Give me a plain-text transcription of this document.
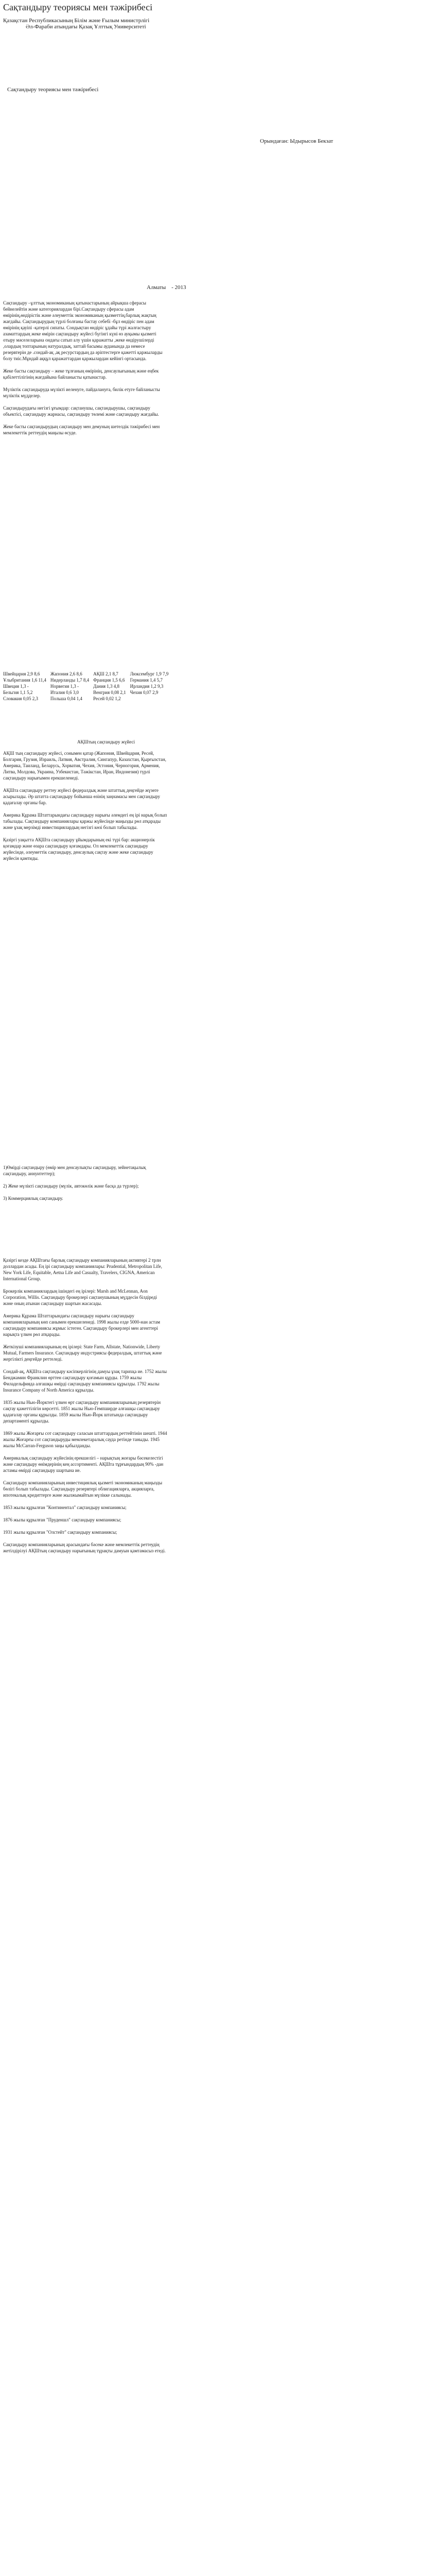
Сақтандыру теориясы мен тәжірибесі
Қазақстан Республикасының Білім және Ғылым министрлігі
Әл-Фараби атындағы Қазақ Ұлттық Университеті
Сақтандыру теориясы мен тәжірибесі
Орындаған: Ыдырысов Бекзат
Алматы    - 2013

Сақтандыру –ұлттық экономиканың қатынастарының айрықша сферасы бейнелейтін және категориялардан бірі.Сақтандыру сферасы адам өмірінің,өндірістік және әлеуметтік экономиканың қызметтің,барлық жақтың жағдайы. Сақтандырудың түрлі болғаны бастау себебі -бұл өндіріс пен адам өмірінің қауіпі -қатерлі сипаты. Сондықтан өндіріс ұдайы түрі жалғастыру азаматтардың жеке өмірін сақтандыру жүйесі бүгінгі күні өз ауқымы қызметі отыру мәселеларына ондағы сатып алу үшін қаражатты ,жеке өндірушілерді ,олардың топтарының натуралдық, заттай басымы ауданында да немесе резервтерін де .сондай-ақ ,ақ ресурстардың да әріптестерге қажетті қаржыларды болу тиіс.Мұндай аққұл қаражаттардан қаржылардан кейінгі ортасында.

Жеке басты сақтандыру – жеке тұлғаның өмірінің, денсаулығының және еңбек қабілеттілігінің жағдайына байланысты қатынастар.

Мүліктік сақтандыруда мүлікті иеленуге, пайдалануға, билік етуге байланысты мүліктік мүдделер.

Сақтандырудағы негізгі ұғымдар: сақтанушы, сақтандырушы, сақтандыру объектісі, сақтандыру жарнасы, сақтандыру төлемі және сақтандыру жағдайы.

Жеке басты сақтандырудың сақтандыру мен демуның шетелдік тәжірибесі мен мемлекеттік реттеудің маңызы өсуде.

Швейцария 2,9 8,6	Жапония 2,6 8,6	АҚШ 2,1 8,7	Люксембург 1,9 7,9
Ұлыбритания 1,6 11,4	Нидерланды 1,7 8,4	Франция 1,5 6,6	Германия 1,4 5,7
Швеция 1,3 -	Норвегия 1,3 -	Дания 1,3 4,8	Ирландия 1,2 9,3
Бельгия 1,1 5,2	Италия 0,6 3,0	Венгрия 0,08 2,1	Чехия 0,07 2,9
Словакия 0,05 2,3	Польша 0,04 1,4	Ресей 0,02 1,2	
АҚШтың сақтандыру жүйесі

АҚШ тың сақтандыру жүйесі, сонымен қатар (Жапония, Швейцария, Ресей, Болгария, Грузия, Израиль, Латвия, Австралия, Сингапур, Казахстан, Қырғызстан, Америка, Таиланд, Беларусь, Хорватия, Чехия, Эстония, Черногория, Армения, Литва, Молдова, Украина, Узбекистан, Тәжікстан, Иран, Индонезия) түрлі сақтандыру нарығымен ерекшеленеді.

АҚШта сақтандыру реттеу жүйесі федералдық және штаттық деңгейде жүзеге асырылады. Әр штатта сақтандыру бойынша өзінің заңнамасы мен сақтандыру қадағалау органы бар.

Америка Құрама Штаттарындағы сақтандыру нарығы әлемдегі ең ірі нарық болып табылады. Сақтандыру компаниялары қаржы жүйесінде маңызды рөл атқарады және ұзақ мерзімді инвестициялардың негізгі көзі болып табылады.

Қазіргі уақытта АҚШта сақтандыру ұйымдарының екі түрі бар: акционерлік қоғамдар және өзара сақтандыру қоғамдары. Ол мемлекеттік сақтандыру жүйесінде, әлеуметтік сақтандыру, денсаулық сақтау және жеке сақтандыру жүйесін қамтиды.

1)Өмірді сақтандыру (өмір мен денсаулықты сақтандыру, зейнетақылық сақтандыру, аннуитеттер);

2) Жеке мүлікті сақтандыру (мүлік, автокөлік және басқа да түрлер);

3) Коммерциялық сақтандыру.

Қазіргі кезде АҚШтағы барлық сақтандыру компанияларының активтері 2 трлн доллардан асады. Ең ірі сақтандыру компаниялары: Prudential, Metropolitan Life, New York Life, Equitable, Aetna Life and Casualty, Travelers, CIGNA, American International Group.

Брокерлік компаниялардың ішіндегі ең ірілері: Marsh and McLennan, Aon Corporation, Willis. Сақтандыру брокерлері сақтанушының мүддесін білдіреді және оның атынан сақтандыру шартын жасасады.

Америка Құрама Штаттарындағы сақтандыру нарығы сақтандыру компанияларының көп санымен ерекшеленеді. 1998 жылы елде 5000-нан астам сақтандыру компаниясы жұмыс істеген. Сақтандыру брокерлері мен агенттері нарықта үлкен рөл атқарады.

Жеткізуші компанияларының ең ірілері: State Farm, Allstate, Nationwide, Liberty Mutual, Farmers Insurance. Сақтандыру индустриясы федералдық, штаттық және жергілікті деңгейде реттеледі.

Сондай-ақ, АҚШта сақтандыру кәсіпкерлігінің дамуы ұзақ тарихқа ие. 1752 жылы Бенджамин Франклин өрттен сақтандыру қоғамын құрды. 1759 жылы Филадельфияда алғашқы өмірді сақтандыру компаниясы құрылды. 1792 жылы Insurance Company of North America құрылды.

1835 жылы Нью-Йорктегі үлкен өрт сақтандыру компанияларының резервтерін сақтау қажеттілігін көрсетті. 1851 жылы Нью-Гемпширде алғашқы сақтандыру қадағалау органы құрылды. 1859 жылы Нью-Йорк штатында сақтандыру департаменті құрылды.

1869 жылы Жоғарғы сот сақтандыру саласын штаттардың реттейтінін шешті. 1944 жылы Жоғарғы сот сақтандыруды мемлекетаралық сауда ретінде таныды. 1945 жылы McCarran-Ferguson заңы қабылданды.

Америкалық сақтандыру жүйесінің ерекшелігі – нарықтың жоғары бәсекелестігі және сақтандыру өнімдерінің кең ассортименті. АҚШта тұрғындардың 90% -дан астамы өмірді сақтандыру шартына ие.

Сақтандыру компанияларының инвестициялық қызметі экономиканың маңызды бөлігі болып табылады. Сақтандыру резервтері облигацияларға, акцияларға, ипотекалық кредиттерге және жылжымайтын мүлікке салынады.

1853 жылы құрылған "Континентал" сақтандыру компаниясы;

1876 жылы құрылған "Пруденшл" сақтандыру компаниясы;

1931 жылы құрылған "Олстейт" сақтандыру компаниясы;

Сақтандыру компанияларының арасындағы бәсеке және мемлекеттік реттеудің жетілдірілуі АҚШтың сақтандыру нарығының тұрақты дамуын қамтамасыз етеді.
